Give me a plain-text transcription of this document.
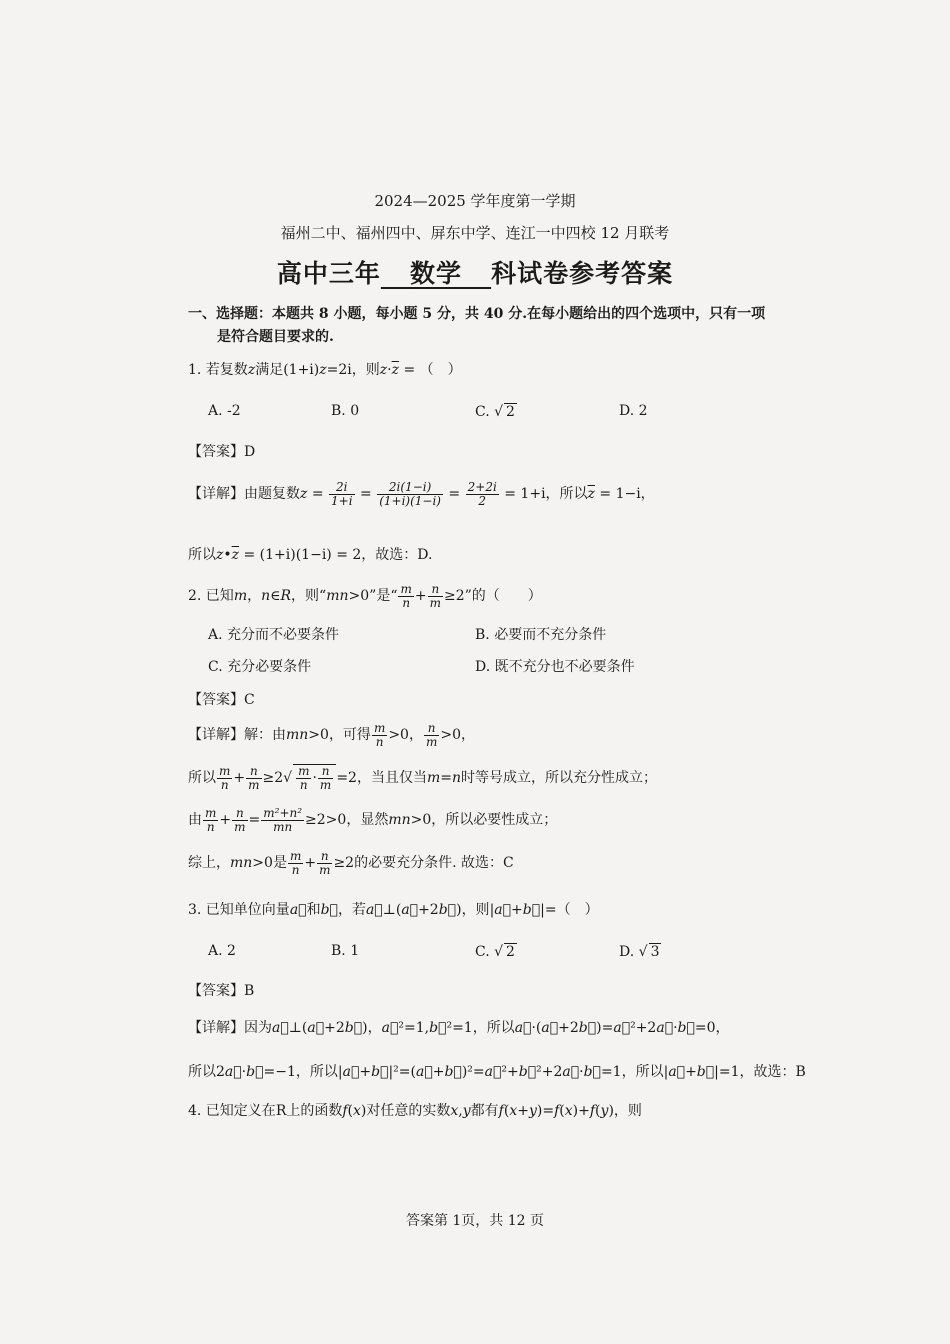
2024—2025 学年度第一学期
福州二中、福州四中、屏东中学、连江一中四校 12 月联考
高中三年 数学 科试卷参考答案
一、选择题：本题共 8 小题，每小题 5 分，共 40 分.在每小题给出的四个选项中，只有一项
是符合题目要求的.
1. 若复数z满足(1+i)z=2i，则$z\cdot\overline{z}$ = （　）
A. -2	B. 0	C. √ 2	D. 2
【答案】D
【详解】由题复数$z = \frac{2i}{1+i} = \frac{2i(1-i)}{(1+i)(1-i)} = \frac{2+2i}{2} = 1+i$，所以$\overline{z} = 1-i$，
所以$z•\overline{z} = (1+i)(1-i) = 2$，故选：D.
2. 已知m，n∈R，则“mn>0”是“ $\frac{m}{n} + \frac{n}{m} \ge 2$”的（　　）
A. 充分而不必要条件	B. 必要而不充分条件
C. 充分必要条件	D. 既不充分也不必要条件
【答案】C
【详解】解：由mn>0，可得 $\frac{m}{n} >0$， $\frac{n}{m} >0$，
所以 $\frac{m}{n} + \frac{n}{m} \ge 2√ \frac{m}{n} \cdot \frac{n}{m} =2$，当且仅当m=n时等号成立，所以充分性成立；
由 $\frac{m}{n} + \frac{n}{m} = \frac{\text{m²+n²}}{mn} \ge 2>0$，显然mn>0，所以必要性成立；
综上，mn>0是 $\frac{m}{n} + \frac{n}{m} \ge 2$的必要充分条件. 故选：C
3. 已知单位向量a⃗和b⃗，若a⃗⊥(a⃗+2b⃗)，则|a⃗+b⃗|=（　）
A. 2	B. 1	C. √ 2	D. √ 3
【答案】B
【详解】因为a⃗⊥(a⃗+2b⃗)，a⃗²=1,b⃗²=1，所以a⃗·(a⃗+2b⃗)=a⃗²+2a⃗·b⃗=0，
所以2a⃗·b⃗=−1，所以|a⃗+b⃗|²=(a⃗+b⃗)²=a⃗²+b⃗²+2a⃗·b⃗=1，所以|a⃗+b⃗|=1，故选：B
4. 已知定义在R上的函数f(x)对任意的实数x,y都有f(x+y)=f(x)+f(y)，则
答案第 1页，共 12 页
